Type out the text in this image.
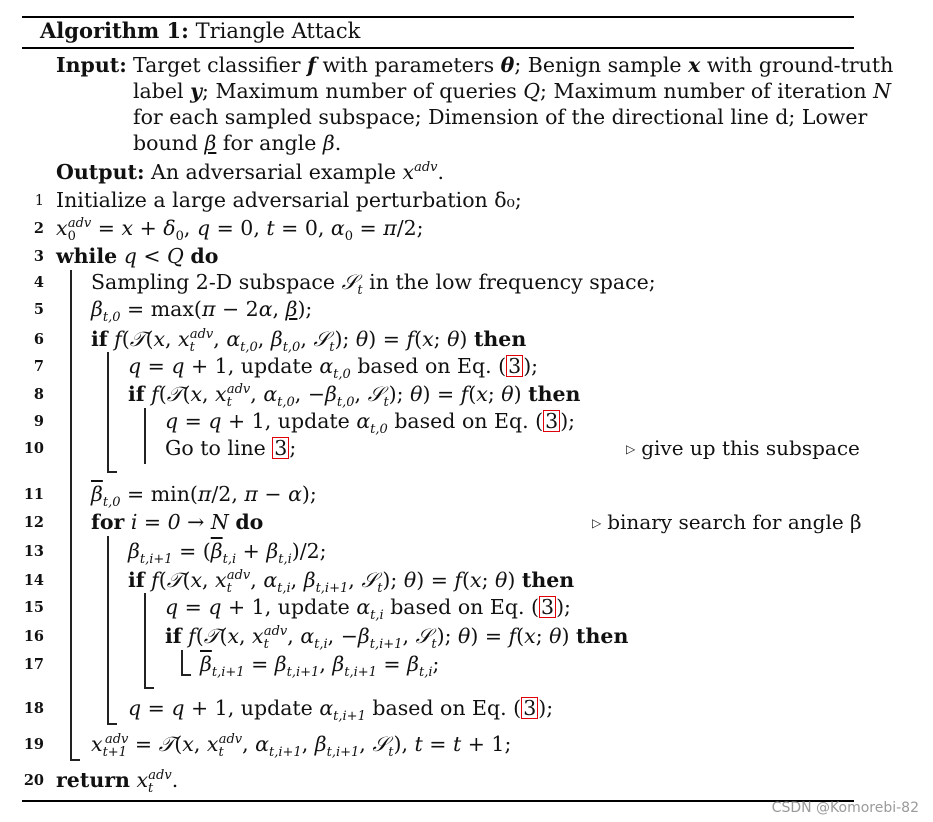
Algorithm 1: Triangle Attack
Input: Target classifier f with parameters θ; Benign sample x with ground-truth
label y; Maximum number of queries Q; Maximum number of iteration N
for each sampled subspace; Dimension of the directional line d; Lower
bound β for angle β.
Output: An adversarial example $x^{adv}$.
1
2
3
4
5
6
7
8
9
10
11
12
13
14
15
16
17
18
19
20
Initialize a large adversarial perturbation δ₀;
$x_0^{adv} = x + \delta_0$, q = 0, t = 0, $\alpha_0 = \pi/2$;
while q < Q do
Sampling 2-D subspace 𝒮$_t$ in the low frequency space;
$\beta_{t,0} = \max(\pi - 2\alpha$, β);
if f(𝒯(x, $x_t^{adv}$, $\alpha_{t,0}$, $\beta_{t,0}$, 𝒮$_t$); θ) = f(x; θ) then
q = q + 1, update $\alpha_{t,0}$ based on Eq. (3);
if f(𝒯(x, $x_t^{adv}$, $\alpha_{t,0}$, $-\beta_{t,0}$, 𝒮$_t$); θ) = f(x; θ) then
q = q + 1, update $\alpha_{t,0}$ based on Eq. (3);
Go to line 3;	▷ give up this subspace
$\overline{\beta}_{t,0} = \min(\pi/2$, π − α);
for i = 0 → N do	▷ binary search for angle β
$\beta_{t,i+1} = (\overline{\beta}_{t,i} + \beta_{t,i})/2$;
if f(𝒯(x, $x_t^{adv}$, $\alpha_{t,i}$, $\beta_{t,i+1}$, 𝒮$_t$); θ) = f(x; θ) then
q = q + 1, update $\alpha_{t,i}$ based on Eq. (3);
if f(𝒯(x, $x_t^{adv}$, $\alpha_{t,i}$, $-\beta_{t,i+1}$, 𝒮$_t$); θ) = f(x; θ) then
$\overline{\beta}_{t,i+1} = \beta_{t,i+1}$, $\beta_{t,i+1} = \beta_{t,i}$;
q = q + 1, update $\alpha_{t,i+1}$ based on Eq. (3);
$x_{t+1}^{adv}$ = 𝒯(x, $x_t^{adv}$, $\alpha_{t,i+1}$, $\beta_{t,i+1}$, 𝒮$_t$), t = t + 1;
return $x_t^{adv}$.
CSDN @Komorebi-82
